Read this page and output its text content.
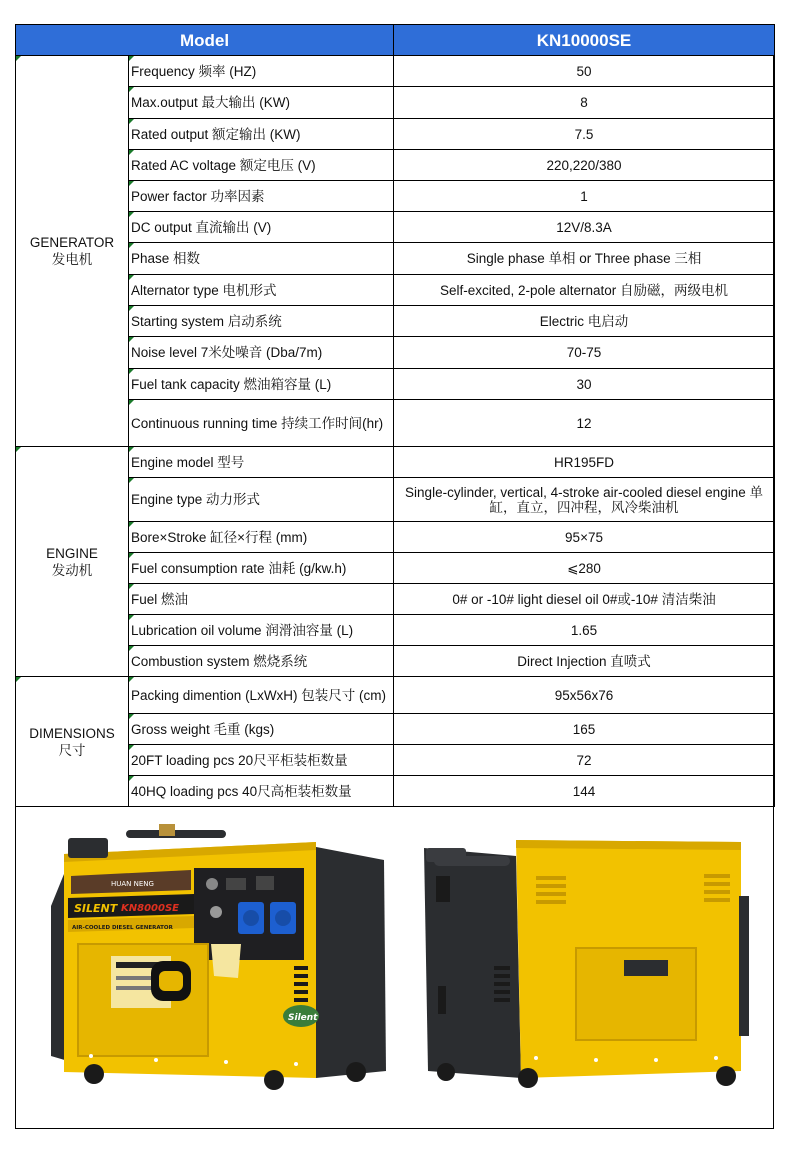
Model		KN10000SE

GENERATOR
发电机	Frequency 频率 (HZ)	50
	Max.output 最大输出 (KW)	8
	Rated output 额定输出 (KW)	7.5
	Rated AC voltage 额定电压 (V)	220,220/380
	Power factor 功率因素	1
	DC output 直流输出 (V)	12V/8.3A
	Phase 相数	Single phase 单相 or Three phase 三相
	Alternator type 电机形式	Self-excited, 2-pole alternator 自励磁，两级电机
	Starting system 启动系统	Electric 电启动
	Noise level 7米处噪音 (Dba/7m)	70-75
	Fuel tank capacity 燃油箱容量 (L)	30
	Continuous running time 持续工作时间(hr)	12

ENGINE
发动机	Engine model 型号	HR195FD
	Engine type 动力形式	Single-cylinder, vertical, 4-stroke air-cooled diesel engine 单缸，直立，四冲程，风冷柴油机
	Bore×Stroke 缸径×行程 (mm)	95×75
	Fuel consumption rate 油耗 (g/kw.h)	⩽280
	Fuel 燃油	0# or -10# light diesel oil 0#或-10# 清洁柴油
	Lubrication oil volume 润滑油容量 (L)	1.65
	Combustion system 燃烧系统	Direct Injection 直喷式

DIMENSIONS
尺寸	Packing dimention (LxWxH) 包装尺寸 (cm)	95x56x76
	Gross weight 毛重 (kgs)	165
	20FT loading pcs 20尺平柜装柜数量	72
	40HQ loading pcs 40尺高柜装柜数量	144
HUAN NENG
SILENT KN8000SE
AIR-COOLED DIESEL GENERATOR
Silent
